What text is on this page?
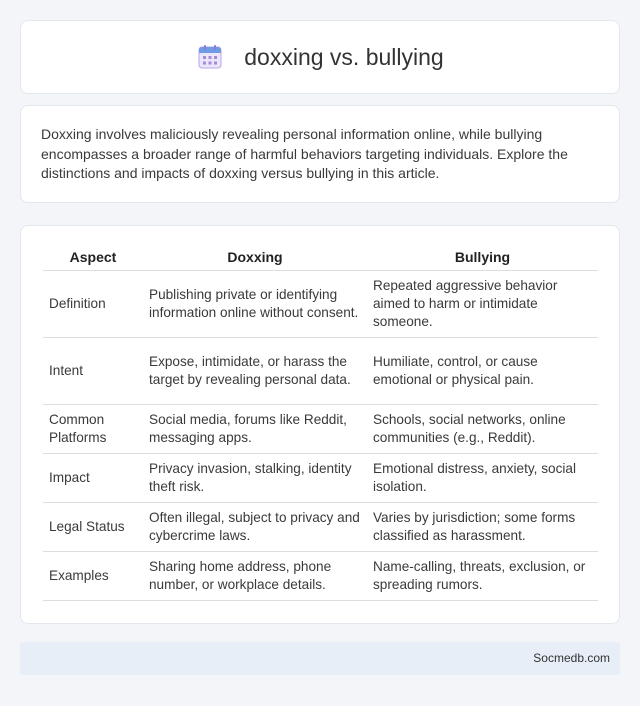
doxxing vs. bullying

Doxxing involves maliciously revealing personal information online, while bullying encompasses a broader range of harmful behaviors targeting individuals. Explore the distinctions and impacts of doxxing versus bullying in this article.

Aspect	Doxxing	Bullying
Definition	Publishing private or identifying information online without consent.	Repeated aggressive behavior aimed to harm or intimidate someone.
Intent	Expose, intimidate, or harass the target by revealing personal data.	Humiliate, control, or cause emotional or physical pain.
Common Platforms	Social media, forums like Reddit, messaging apps.	Schools, social networks, online communities (e.g., Reddit).
Impact	Privacy invasion, stalking, identity theft risk.	Emotional distress, anxiety, social isolation.
Legal Status	Often illegal, subject to privacy and cybercrime laws.	Varies by jurisdiction; some forms classified as harassment.
Examples	Sharing home address, phone number, or workplace details.	Name-calling, threats, exclusion, or spreading rumors.
Socmedb.com
